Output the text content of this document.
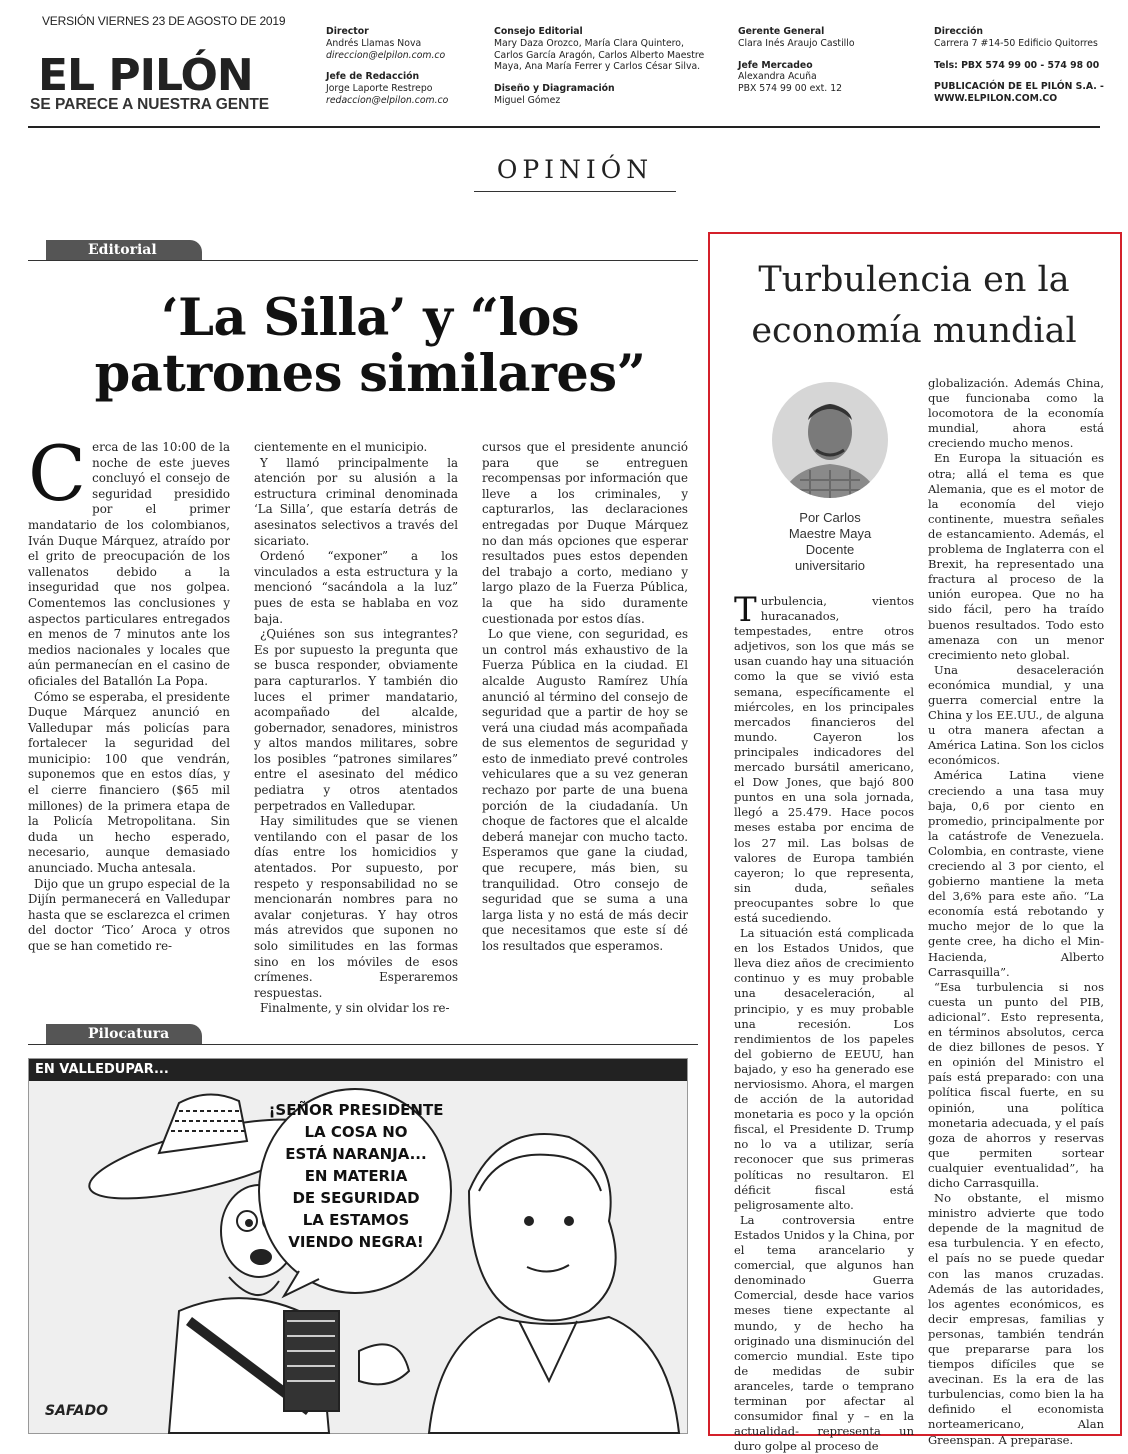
VERSIÓN VIERNES 23 DE AGOSTO DE 2019
EL PILÓN
SE PARECE A NUESTRA GENTE
Director
Andrés Llamas Nova
direccion@elpilon.com.co
Jefe de Redacción
Jorge Laporte Restrepo
redaccion@elpilon.com.co
Consejo Editorial
Mary Daza Orozco, María Clara Quintero, Carlos García Aragón, Carlos Alberto Maestre Maya, Ana María Ferrer y Carlos César Silva.
Diseño y Diagramación
Miguel Gómez
Gerente General
Clara Inés Araujo Castillo
Jefe Mercadeo
Alexandra Acuña
PBX 574 99 00 ext. 12
Dirección
Carrera 7 #14-50 Edificio Quitorres
Tels: PBX 574 99 00 - 574 98 00
PUBLICACIÓN DE EL PILÓN S.A. - WWW.ELPILON.COM.CO
OPINIÓN
Editorial
‘La Silla’ y “los patrones similares”
C erca de las 10:00 de la noche de este jueves concluyó el consejo de seguridad presidido por el primer mandatario de los colombianos, Iván Duque Márquez, atraído por el grito de preocupación de los vallenatos debido a la inseguridad que nos golpea. Comentemos las conclusiones y aspectos particulares entregados en menos de 7 minutos ante los medios nacionales y locales que aún permanecían en el casino de oficiales del Batallón La Popa.

Cómo se esperaba, el presidente Duque Márquez anunció en Valledupar más policías para fortalecer la seguridad del municipio: 100 que vendrán, suponemos que en estos días, y el cierre financiero ($65 mil millones) de la primera etapa de la Policía Metropolitana. Sin duda un hecho esperado, necesario, aunque demasiado anunciado. Mucha antesala.

Dijo que un grupo especial de la Dijín permanecerá en Valledupar hasta que se esclarezca el crimen del doctor ‘Tico’ Aroca y otros que se han cometido re-

cientemente en el municipio.

Y llamó principalmente la atención por su alusión a la estructura criminal denominada ‘La Silla’, que estaría detrás de asesinatos selectivos a través del sicariato.

Ordenó “exponer” a los vinculados a esta estructura y la mencionó “sacándola a la luz” pues de esta se hablaba en voz baja.

¿Quiénes son sus integrantes? Es por supuesto la pregunta que se busca responder, obviamente para capturarlos. Y también dio luces el primer mandatario, acompañado del alcalde, gobernador, senadores, ministros y altos mandos militares, sobre los posibles “patrones similares” entre el asesinato del médico pediatra y otros atentados perpetrados en Valledupar.

Hay similitudes que se vienen ventilando con el pasar de los días entre los homicidios y atentados. Por supuesto, por respeto y responsabilidad no se mencionarán nombres para no avalar conjeturas. Y hay otros más atrevidos que suponen no solo similitudes en las formas sino en los móviles de esos crímenes. Esperaremos respuestas.

Finalmente, y sin olvidar los re-

cursos que el presidente anunció para que se entreguen recompensas por información que lleve a los criminales, y capturarlos, las declaraciones entregadas por Duque Márquez no dan más opciones que esperar resultados pues estos dependen del trabajo a corto, mediano y largo plazo de la Fuerza Pública, la que ha sido duramente cuestionada por estos días.

Lo que viene, con seguridad, es un control más exhaustivo de la Fuerza Pública en la ciudad. El alcalde Augusto Ramírez Uhía anunció al término del consejo de seguridad que a partir de hoy se verá una ciudad más acompañada de sus elementos de seguridad y esto de inmediato prevé controles vehiculares que a su vez generan rechazo por parte de una buena porción de la ciudadanía. Un choque de factores que el alcalde deberá manejar con mucho tacto. Esperamos que gane la ciudad, que recupere, más bien, su tranquilidad. Otro consejo de seguridad que se suma a una larga lista y no está de más decir que necesitamos que este sí dé los resultados que esperamos.

Pilocatura
EN VALLEDUPAR...
¡SEÑOR PRESIDENTE
LA COSA NO
ESTÁ NARANJA...
EN MATERIA
DE SEGURIDAD
LA ESTAMOS
VIENDO NEGRA!
SAFADO
Turbulencia en la economía mundial
Por Carlos
Maestre Maya
Docente
universitario
T urbulencia, vientos huracanados, tempestades, entre otros adjetivos, son los que más se usan cuando hay una situación como la que se vivió esta semana, específicamente el miércoles, en los principales mercados financieros del mundo. Cayeron los principales indicadores del mercado bursátil americano, el Dow Jones, que bajó 800 puntos en una sola jornada, llegó a 25.479. Hace pocos meses estaba por encima de los 27 mil. Las bolsas de valores de Europa también cayeron; lo que representa, sin duda, señales preocupantes sobre lo que está sucediendo.

La situación está complicada en los Estados Unidos, que lleva diez años de crecimiento continuo y es muy probable una desaceleración, al principio, y es muy probable una recesión. Los rendimientos de los papeles del gobierno de EEUU, han bajado, y eso ha generado ese nerviosismo. Ahora, el margen de acción de la autoridad monetaria es poco y la opción fiscal, el Presidente D. Trump no lo va a utilizar, sería reconocer que sus primeras políticas no resultaron. El déficit fiscal está peligrosamente alto.

La controversia entre Estados Unidos y la China, por el tema arancelario y comercial, que algunos han denominado Guerra Comercial, desde hace varios meses tiene expectante al mundo, y de hecho ha originado una disminución del comercio mundial. Este tipo de medidas de subir aranceles, tarde o temprano terminan por afectar al consumidor final y – en la actualidad- representa un duro golpe al proceso de

globalización. Además China, que funcionaba como la locomotora de la economía mundial, ahora está creciendo mucho menos.

En Europa la situación es otra; allá el tema es que Alemania, que es el motor de la economía del viejo continente, muestra señales de estancamiento. Además, el problema de Inglaterra con el Brexit, ha representado una fractura al proceso de la unión europea. Que no ha sido fácil, pero ha traído buenos resultados. Todo esto amenaza con un menor crecimiento neto global.

Una desaceleración económica mundial, y una guerra comercial entre la China y los EE.UU., de alguna u otra manera afectan a América Latina. Son los ciclos económicos.

América Latina viene creciendo a una tasa muy baja, 0,6 por ciento en promedio, principalmente por la catástrofe de Venezuela. Colombia, en contraste, viene creciendo al 3 por ciento, el gobierno mantiene la meta del 3,6% para este año. “La economía está rebotando y mucho mejor de lo que la gente cree, ha dicho el Min-Hacienda, Alberto Carrasquilla”.

“Esa turbulencia si nos cuesta un punto del PIB, adicional”. Esto representa, en términos absolutos, cerca de diez billones de pesos. Y en opinión del Ministro el país está preparado: con una política fiscal fuerte, en su opinión, una política monetaria adecuada, y el país goza de ahorros y reservas que permiten sortear cualquier eventualidad”, ha dicho Carrasquilla.

No obstante, el mismo ministro advierte que todo depende de la magnitud de esa turbulencia. Y en efecto, el país no se puede quedar con las manos cruzadas. Además de las autoridades, los agentes económicos, es decir empresas, familias y personas, también tendrán que prepararse para los tiempos difíciles que se avecinan. Es la era de las turbulencias, como bien la ha definido el economista norteamericano, Alan Greenspan. A preparase.
